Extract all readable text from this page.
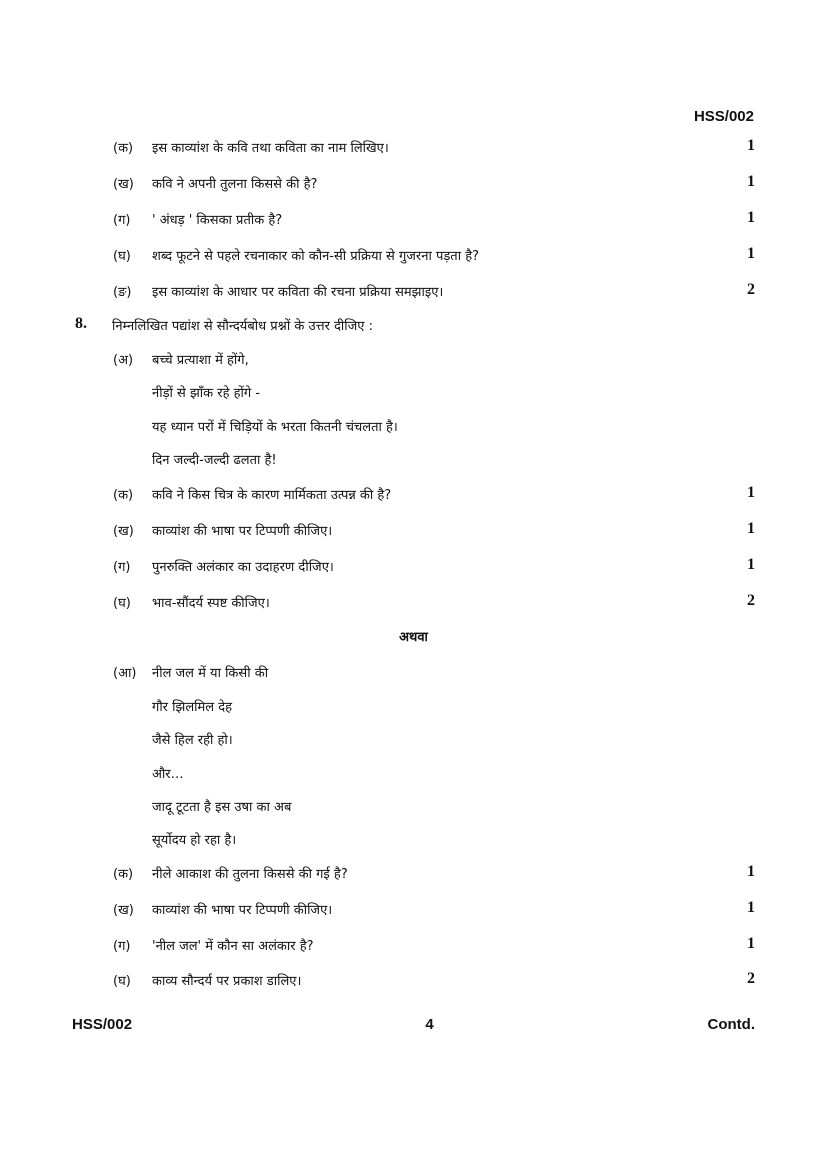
HSS/002
(क) इस काव्यांश के कवि तथा कविता का नाम लिखिए।	1
(ख) कवि ने अपनी तुलना किससे की है?	1
(ग) ' अंधड़ ' किसका प्रतीक है?	1
(घ) शब्द फूटने से पहले रचनाकार को कौन-सी प्रक्रिया से गुजरना पड़ता है?	1
(ङ) इस काव्यांश के आधार पर कविता की रचना प्रक्रिया समझाइए।	2
8. निम्नलिखित पद्यांश से सौन्दर्यबोध प्रश्नों के उत्तर दीजिए :
(अ) बच्चे प्रत्याशा में होंगे,
नीड़ों से झाँक रहे होंगे -
यह ध्यान परों में चिड़ियों के भरता कितनी चंचलता है।
दिन जल्दी-जल्दी ढलता है!
(क) कवि ने किस चित्र के कारण मार्मिकता उत्पन्न की है?	1
(ख) काव्यांश की भाषा पर टिप्पणी कीजिए।	1
(ग) पुनरुक्ति अलंकार का उदाहरण दीजिए।	1
(घ) भाव-सौंदर्य स्पष्ट कीजिए।	2
अथवा
(आ) नील जल में या किसी की
गौर झिलमिल देह
जैसे हिल रही हो।
और…
जादू टूटता है इस उषा का अब
सूर्योदय हो रहा है।
(क) नीले आकाश की तुलना किससे की गई है?	1
(ख) काव्यांश की भाषा पर टिप्पणी कीजिए।	1
(ग) 'नील जल' में कौन सा अलंकार है?	1
(घ) काव्य सौन्दर्य पर प्रकाश डालिए।	2
HSS/002	4	Contd.
